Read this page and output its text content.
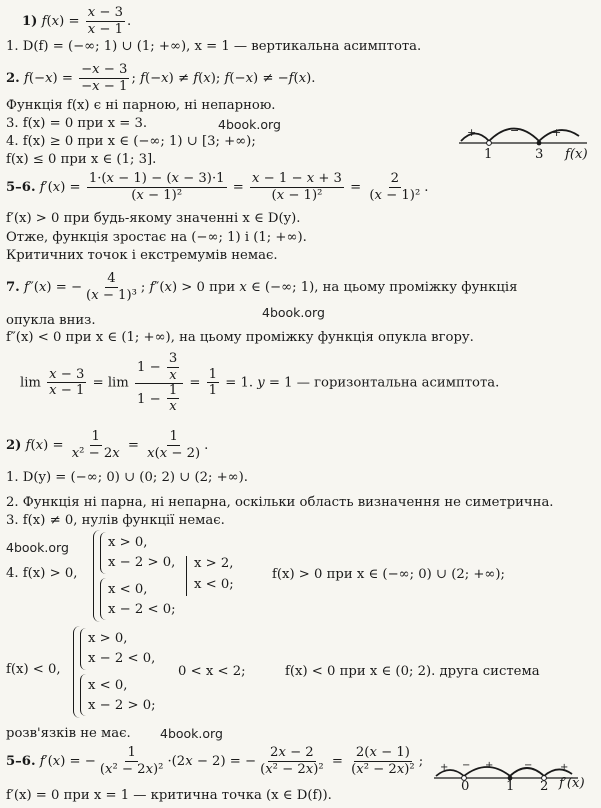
1) $f(x) = \frac{x - 3}{x - 1}$ .
1. D(f) = (−∞; 1) ∪ (1; +∞), x = 1 — вертикальна асимптота.
2. $f(-x) = \frac{-x - 3}{-x - 1}$ ; f(−x) ≠ f(x); f(−x) ≠ −f(x).
Функція f(x) є ні парною, ні непарною.
3. f(x) = 0 при x = 3.	4book.org
4. f(x) ≥ 0 при x ∈ (−∞; 1) ∪ [3; +∞);
f(x) ≤ 0 при x ∈ (1; 3].
+	−	+
1	3 f(x)
5–6. $f'(x) = \frac{1\cdot(x - 1) - (x - 3)\cdot 1}{\text{(x − 1)²}} = \frac{x - 1 - x + 3}{\text{(x − 1)²}} = \frac{2}{\text{(x − 1)²}}$ .
f′(x) > 0 при будь-якому значенні x ∈ D(y).
Отже, функція зростає на (−∞; 1) і (1; +∞).
Критичних точок і екстремумів немає.
7. f″(x) = − $\frac{4}{\text{(x − 1)³}}$ ; f″(x) > 0 при x ∈ (−∞; 1), на цьому проміжку функція
опукла вниз.
4book.org
f″(x) < 0 при x ∈ (1; +∞), на цьому проміжку функція опукла вгору.
$\lim \frac{x - 3}{x - 1} = \lim \frac{1 - \frac{3}{x}}{1 - \frac{1}{x}} = \frac{1}{1} = 1$. y = 1 — горизонтальна асимптота.
2) $f(x) = \frac{1}{\text{x² − 2x}} = \frac{1}{x(x - 2)}$ .
1. D(y) = (−∞; 0) ∪ (0; 2) ∪ (2; +∞).
2. Функція ні парна, ні непарна, оскільки область визначення не симетрична.
3. f(x) ≠ 0, нулів функції немає.
4book.org
4. f(x) > 0,
x > 0,
x − 2 > 0,
x < 0,
x − 2 < 0;
x > 2,
x < 0;
f(x) > 0 при x ∈ (−∞; 0) ∪ (2; +∞);
f(x) < 0,
x > 0,
x − 2 < 0,
x < 0,
x − 2 > 0;
0 < x < 2;	f(x) < 0 при x ∈ (0; 2). друга система
розв'язків не має. 4book.org
5–6. f′(x) = − $\frac{1}{\text{(x² − 2x)²}} \cdot(2x - 2)$ = − $\frac{2x - 2}{\text{(x² − 2x)²}} = \frac{2(x - 1)}{\text{(x² − 2x)²}}$ ;
f′(x) = 0 при x = 1 — критична точка (x ∈ D(f)).
+ − +	−	+
0	1 2 f′(x)
